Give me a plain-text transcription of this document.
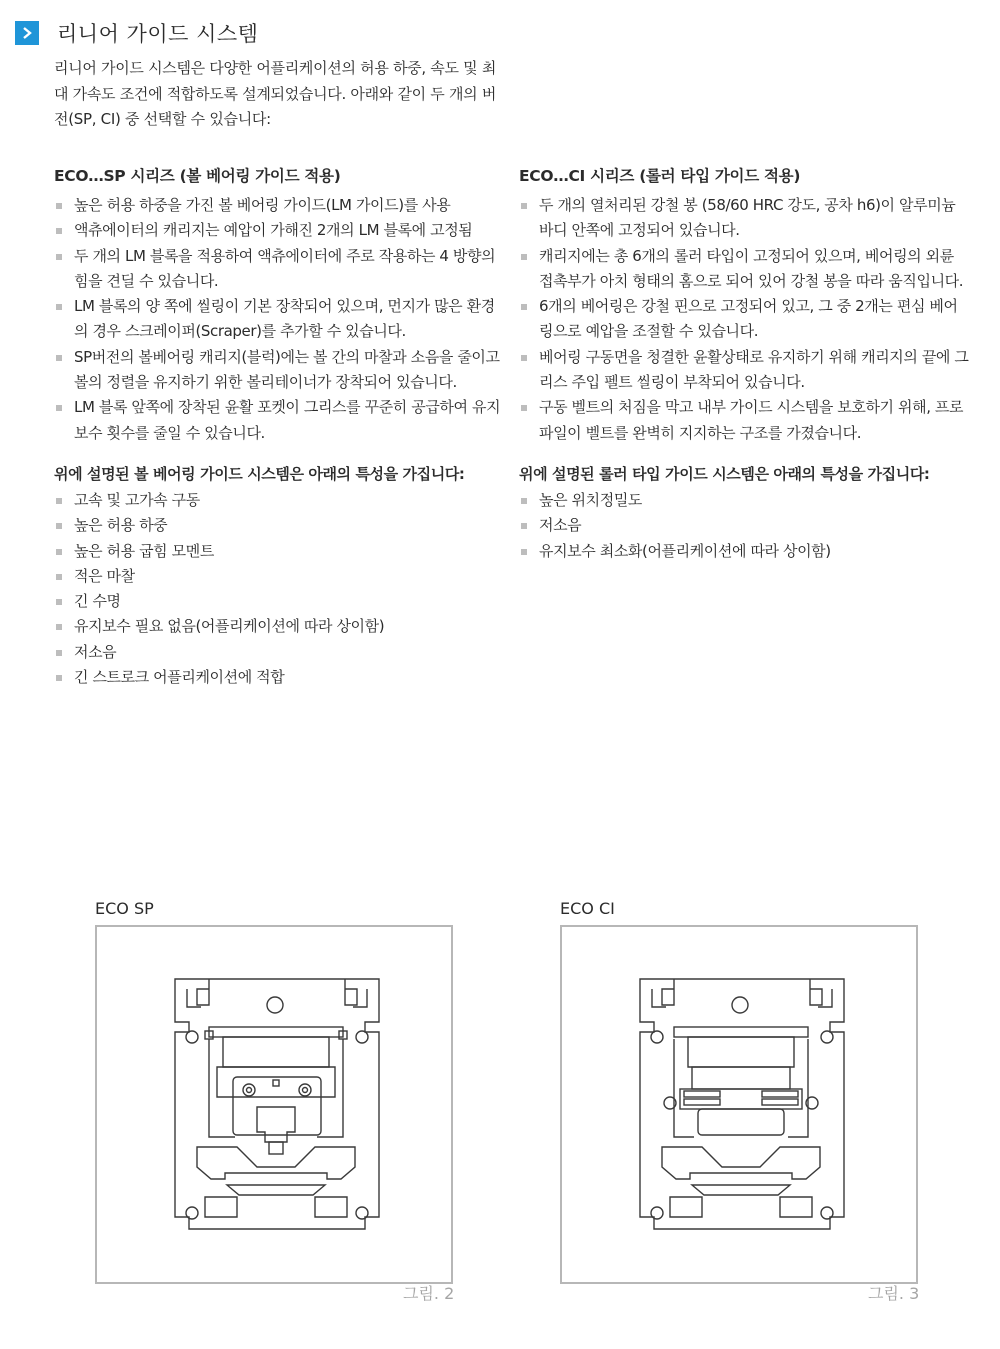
리니어 가이드 시스템
리니어 가이드 시스템은 다양한 어플리케이션의 허용 하중, 속도 및 최대 가속도 조건에 적합하도록 설계되었습니다. 아래와 같이 두 개의 버전(SP, CI) 중 선택할 수 있습니다:
ECO…SP 시리즈 (볼 베어링 가이드 적용)
높은 허용 하중을 가진 볼 베어링 가이드(LM 가이드)를 사용
액츄에이터의 캐리지는 예압이 가해진 2개의 LM 블록에 고정됨
두 개의 LM 블록을 적용하여 액츄에이터에 주로 작용하는 4 방향의 힘을 견딜 수 있습니다.
LM 블록의 양 쪽에 씰링이 기본 장착되어 있으며, 먼지가 많은 환경의 경우 스크레이퍼(Scraper)를 추가할 수 있습니다.
SP버전의 볼베어링 캐리지(블럭)에는 볼 간의 마찰과 소음을 줄이고 볼의 정렬을 유지하기 위한 볼리테이너가 장착되어 있습니다.
LM 블록 앞쪽에 장착된 윤활 포켓이 그리스를 꾸준히 공급하여 유지보수 횟수를 줄일 수 있습니다.
위에 설명된 볼 베어링 가이드 시스템은 아래의 특성을 가집니다:
고속 및 고가속 구동
높은 허용 하중
높은 허용 굽힘 모멘트
적은 마찰
긴 수명
유지보수 필요 없음(어플리케이션에 따라 상이함)
저소음
긴 스트로크 어플리케이션에 적합
ECO…CI 시리즈 (롤러 타입 가이드 적용)
두 개의 열처리된 강철 봉 (58/60 HRC 강도, 공차 h6)이 알루미늄 바디 안쪽에 고정되어 있습니다.
캐리지에는 총 6개의 롤러 타입이 고정되어 있으며, 베어링의 외륜 접촉부가 아치 형태의 홈으로 되어 있어 강철 봉을 따라 움직입니다.
6개의 베어링은 강철 핀으로 고정되어 있고, 그 중 2개는 편심 베어링으로 예압을 조절할 수 있습니다.
베어링 구동면을 청결한 윤활상태로 유지하기 위해 캐리지의 끝에 그리스 주입 펠트 씰링이 부착되어 있습니다.
구동 벨트의 처짐을 막고 내부 가이드 시스템을 보호하기 위해, 프로파일이 벨트를 완벽히 지지하는 구조를 가졌습니다.
위에 설명된 롤러 타입 가이드 시스템은 아래의 특성을 가집니다:
높은 위치정밀도
저소음
유지보수 최소화(어플리케이션에 따라 상이함)
ECO SP
그림. 2
ECO CI
그림. 3
